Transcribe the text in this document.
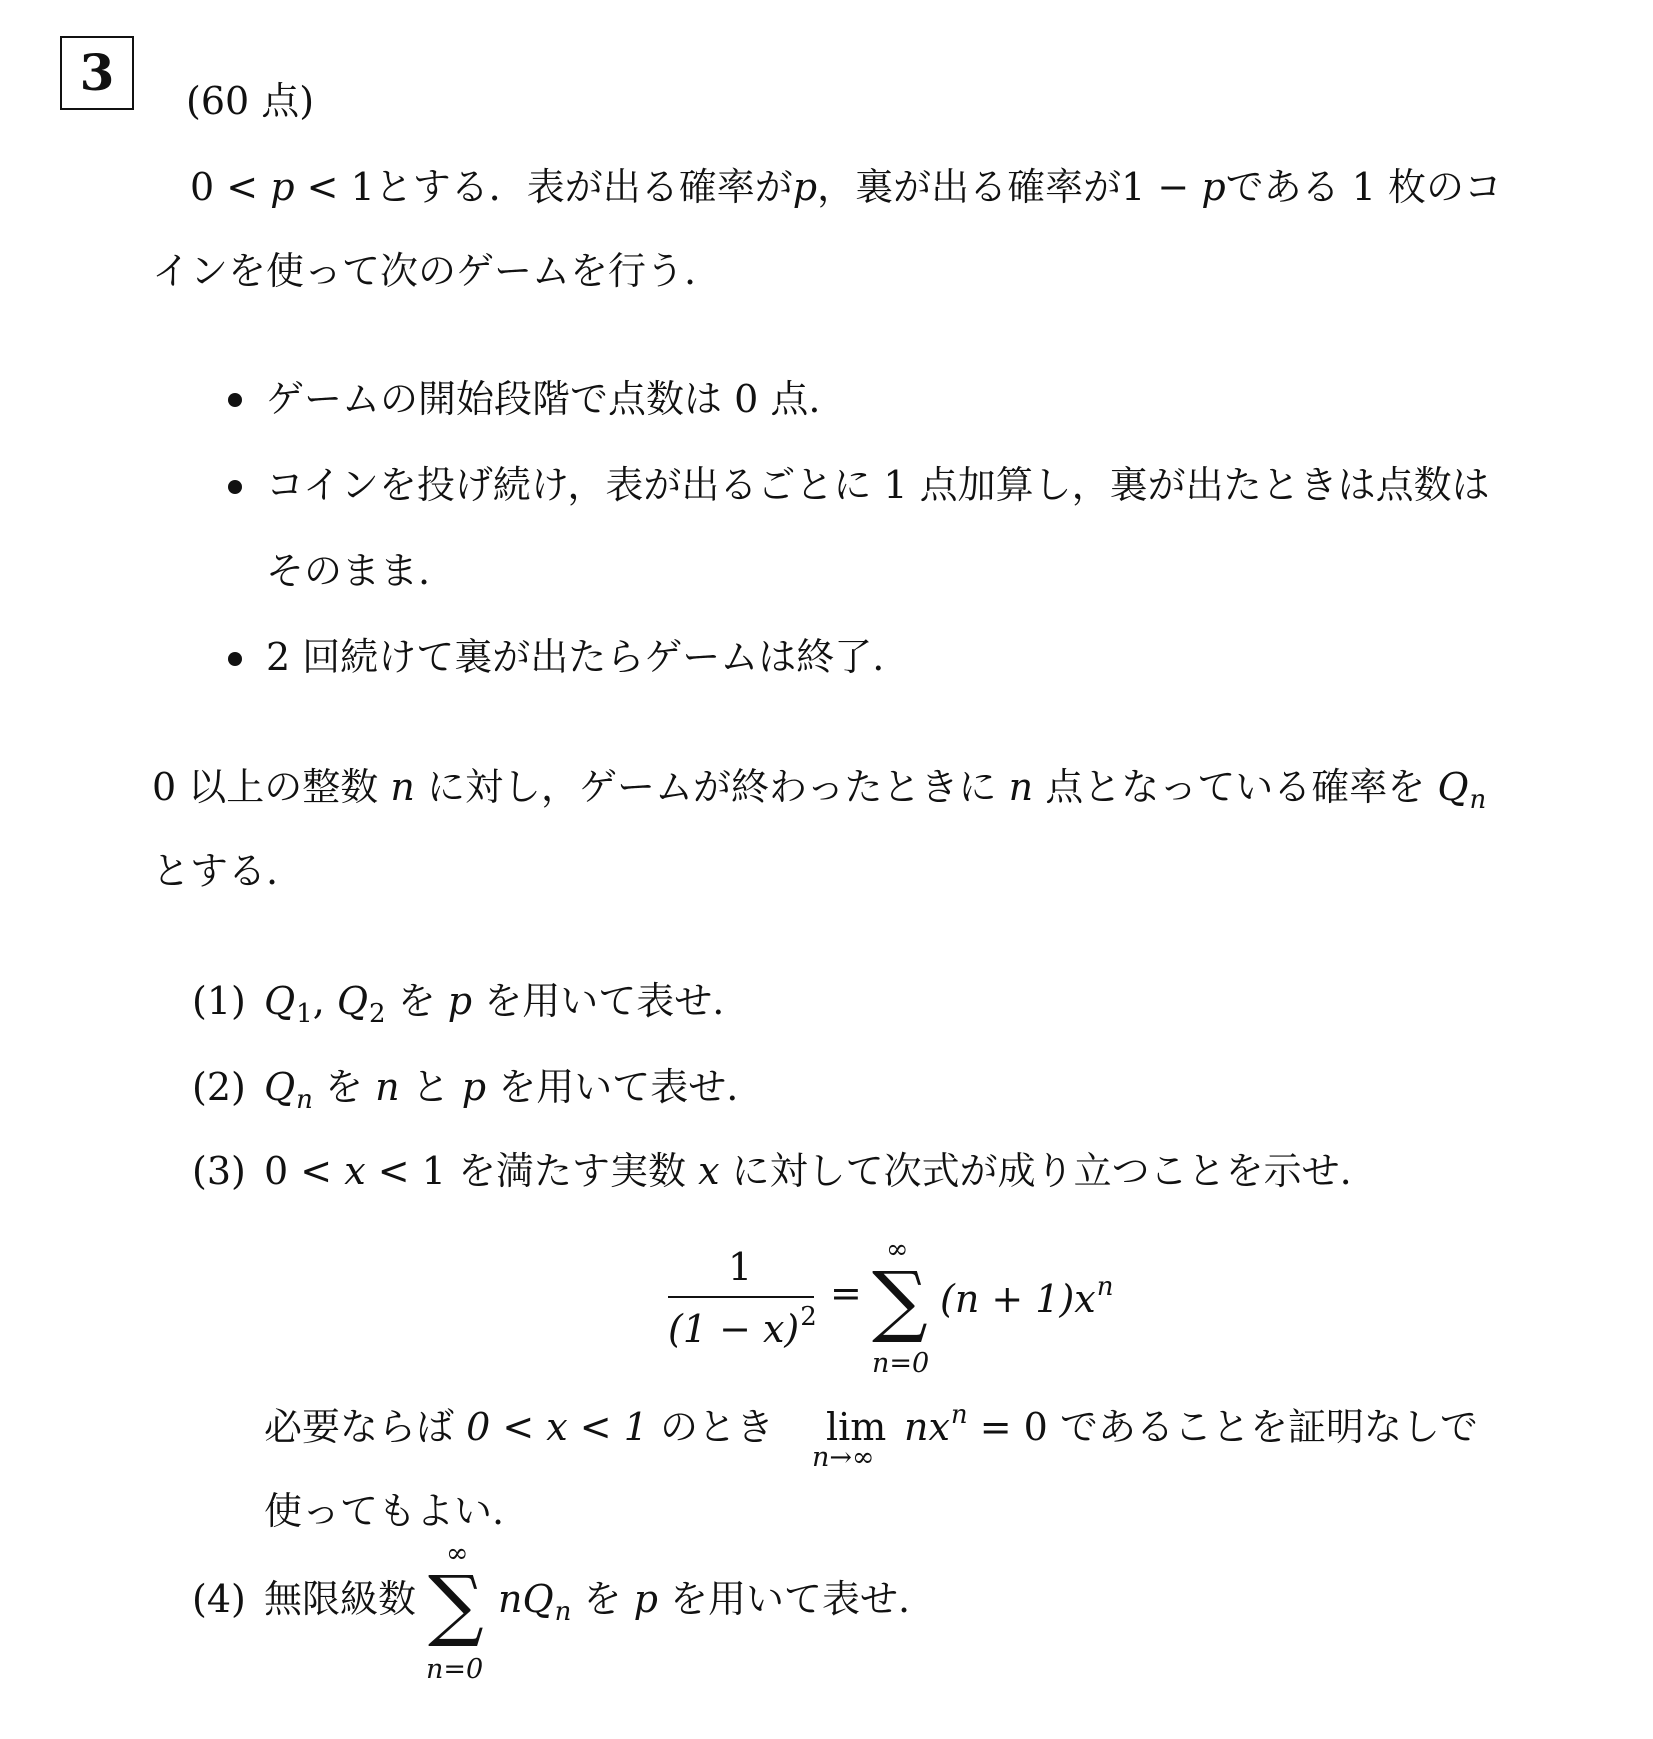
3 (60 点)
0 < p < 1とする．表が出る確率がp，裏が出る確率が1 − pである 1 枚のコ
インを使って次のゲームを行う.
ゲームの開始段階で点数は 0 点.
コインを投げ続け，表が出るごとに 1 点加算し，裏が出たときは点数は
そのまま.
2 回続けて裏が出たらゲームは終了.
0 以上の整数 n に対し，ゲームが終わったときに n 点となっている確率を $Q_n$
とする.
(1) $Q_1$, $Q_2$ を p を用いて表せ.
(2) $Q_n$ を n と p を用いて表せ.
(3) 0 < x < 1 を満たす実数 x に対して次式が成り立つことを示せ.
1
$(1 - x)^2$
=
∞
∑
n=0
$(n + 1)x^n$
必要ならば 0 < x < 1 のとき lim
n→∞
$nx^n = 0$ であることを証明なしで
使ってもよい.
(4) 無限級数
∞
∑
n=0
$nQ_n$ を p を用いて表せ.
